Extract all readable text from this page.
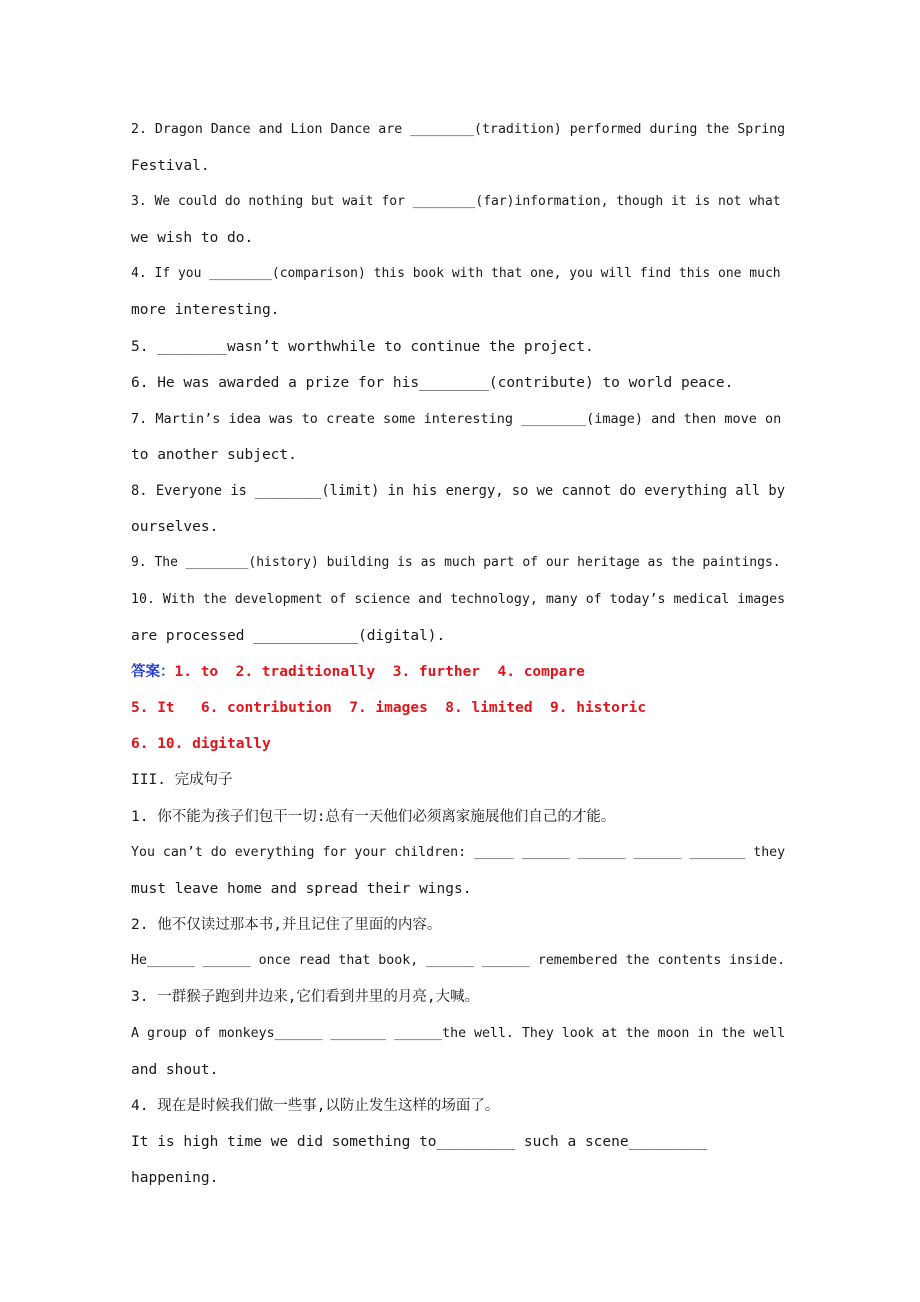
2. Dragon Dance and Lion Dance are ________(tradition) performed during the Spring
Festival.
3. We could do nothing but wait for ________(far)information, though it is not what
we wish to do.
4. If you ________(comparison) this book with that one, you will find this one much
more interesting.
5. ________wasn’t worthwhile to continue the project.
6. He was awarded a prize for his________(contribute) to world peace.
7. Martin’s idea was to create some interesting ________(image) and then move on
to another subject.
8. Everyone is ________(limit) in his energy, so we cannot do everything all by
ourselves.
9. The ________(history) building is as much part of our heritage as the paintings.
10. With the development of science and technology, many of today’s medical images
are processed ____________(digital).
答案：1. to  2. traditionally  3. further  4. compare
5. It   6. contribution  7. images  8. limited  9. historic
6. 10. digitally
III. 完成句子
1. 你不能为孩子们包干一切:总有一天他们必须离家施展他们自己的才能。
You can’t do everything for your children: _____ ______ ______ ______ _______ they
must leave home and spread their wings.
2. 他不仅读过那本书,并且记住了里面的内容。
He______ ______ once read that book, ______ ______ remembered the contents inside.
3. 一群猴子跑到井边来,它们看到井里的月亮,大喊。
A group of monkeys______ _______ ______the well. They look at the moon in the well
and shout.
4. 现在是时候我们做一些事,以防止发生这样的场面了。
It is high time we did something to_________ such a scene_________
happening.
